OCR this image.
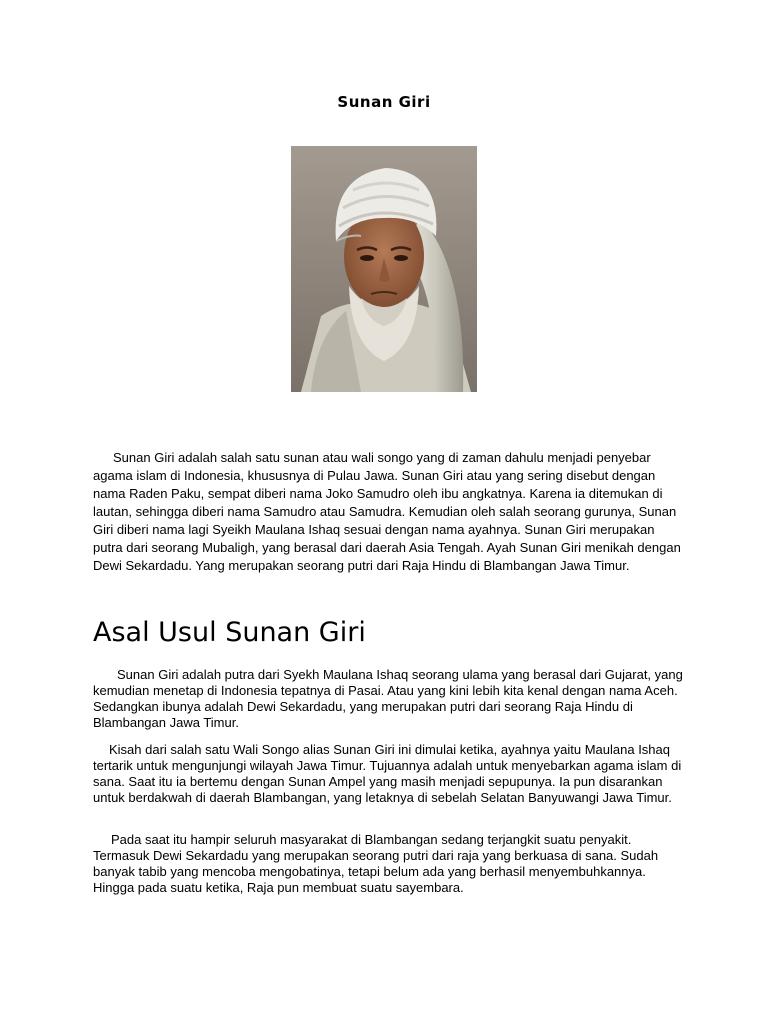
Sunan Giri

Sunan Giri adalah salah satu sunan atau wali songo yang di zaman dahulu menjadi penyebar agama islam di Indonesia, khususnya di Pulau Jawa. Sunan Giri atau yang sering disebut dengan nama Raden Paku, sempat diberi nama Joko Samudro oleh ibu angkatnya. Karena ia ditemukan di lautan, sehingga diberi nama Samudro atau Samudra. Kemudian oleh salah seorang gurunya, Sunan Giri diberi nama lagi Syeikh Maulana Ishaq sesuai dengan nama ayahnya. Sunan Giri merupakan putra dari seorang Mubaligh, yang berasal dari daerah Asia Tengah. Ayah Sunan Giri menikah dengan Dewi Sekardadu. Yang merupakan seorang putri dari Raja Hindu di Blambangan Jawa Timur.

Asal Usul Sunan Giri

Sunan Giri adalah putra dari Syekh Maulana Ishaq seorang ulama yang berasal dari Gujarat, yang kemudian menetap di Indonesia tepatnya di Pasai. Atau yang kini lebih kita kenal dengan nama Aceh. Sedangkan ibunya adalah Dewi Sekardadu, yang merupakan putri dari seorang Raja Hindu di Blambangan Jawa Timur.

Kisah dari salah satu Wali Songo alias Sunan Giri ini dimulai ketika, ayahnya yaitu Maulana Ishaq tertarik untuk mengunjungi wilayah Jawa Timur. Tujuannya adalah untuk menyebarkan agama islam di sana. Saat itu ia bertemu dengan Sunan Ampel yang masih menjadi sepupunya. Ia pun disarankan untuk berdakwah di daerah Blambangan, yang letaknya di sebelah Selatan Banyuwangi Jawa Timur.

Pada saat itu hampir seluruh masyarakat di Blambangan sedang terjangkit suatu penyakit. Termasuk Dewi Sekardadu yang merupakan seorang putri dari raja yang berkuasa di sana. Sudah banyak tabib yang mencoba mengobatinya, tetapi belum ada yang berhasil menyembuhkannya. Hingga pada suatu ketika, Raja pun membuat suatu sayembara.
